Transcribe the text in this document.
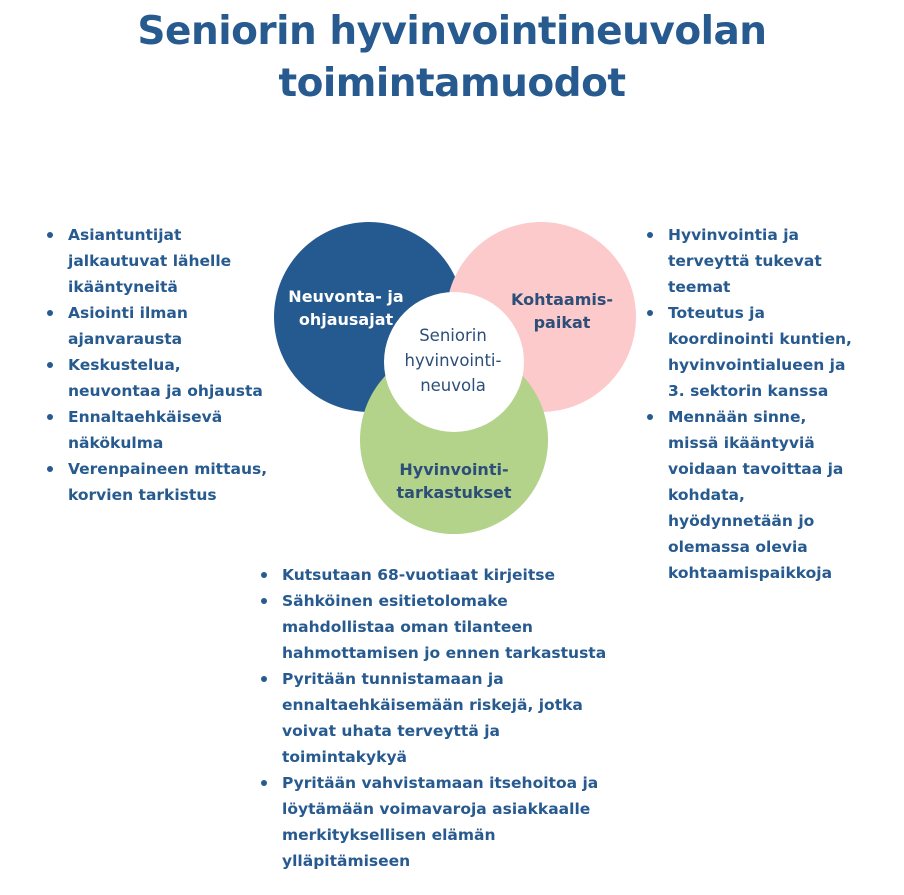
Seniorin hyvinvointineuvolan
toimintamuodot
Neuvonta- ja
ohjausajat
Kohtaamis-
paikat
Hyvinvointi-
tarkastukset
Seniorin
hyvinvointi-
neuvola
Asiantuntijat
jalkautuvat lähelle
ikääntyneitä
Asiointi ilman
ajanvarausta
Keskustelua,
neuvontaa ja ohjausta
Ennaltaehkäisevä
näkökulma
Verenpaineen mittaus,
korvien tarkistus
Hyvinvointia ja
terveyttä tukevat
teemat
Toteutus ja
koordinointi kuntien,
hyvinvointialueen ja
3. sektorin kanssa
Mennään sinne,
missä ikääntyviä
voidaan tavoittaa ja
kohdata,
hyödynnetään jo
olemassa olevia
kohtaamispaikkoja
Kutsutaan 68-vuotiaat kirjeitse
Sähköinen esitietolomake
mahdollistaa oman tilanteen
hahmottamisen jo ennen tarkastusta
Pyritään tunnistamaan ja
ennaltaehkäisemään riskejä, jotka
voivat uhata terveyttä ja
toimintakykyä
Pyritään vahvistamaan itsehoitoa ja
löytämään voimavaroja asiakkaalle
merkityksellisen elämän
ylläpitämiseen
